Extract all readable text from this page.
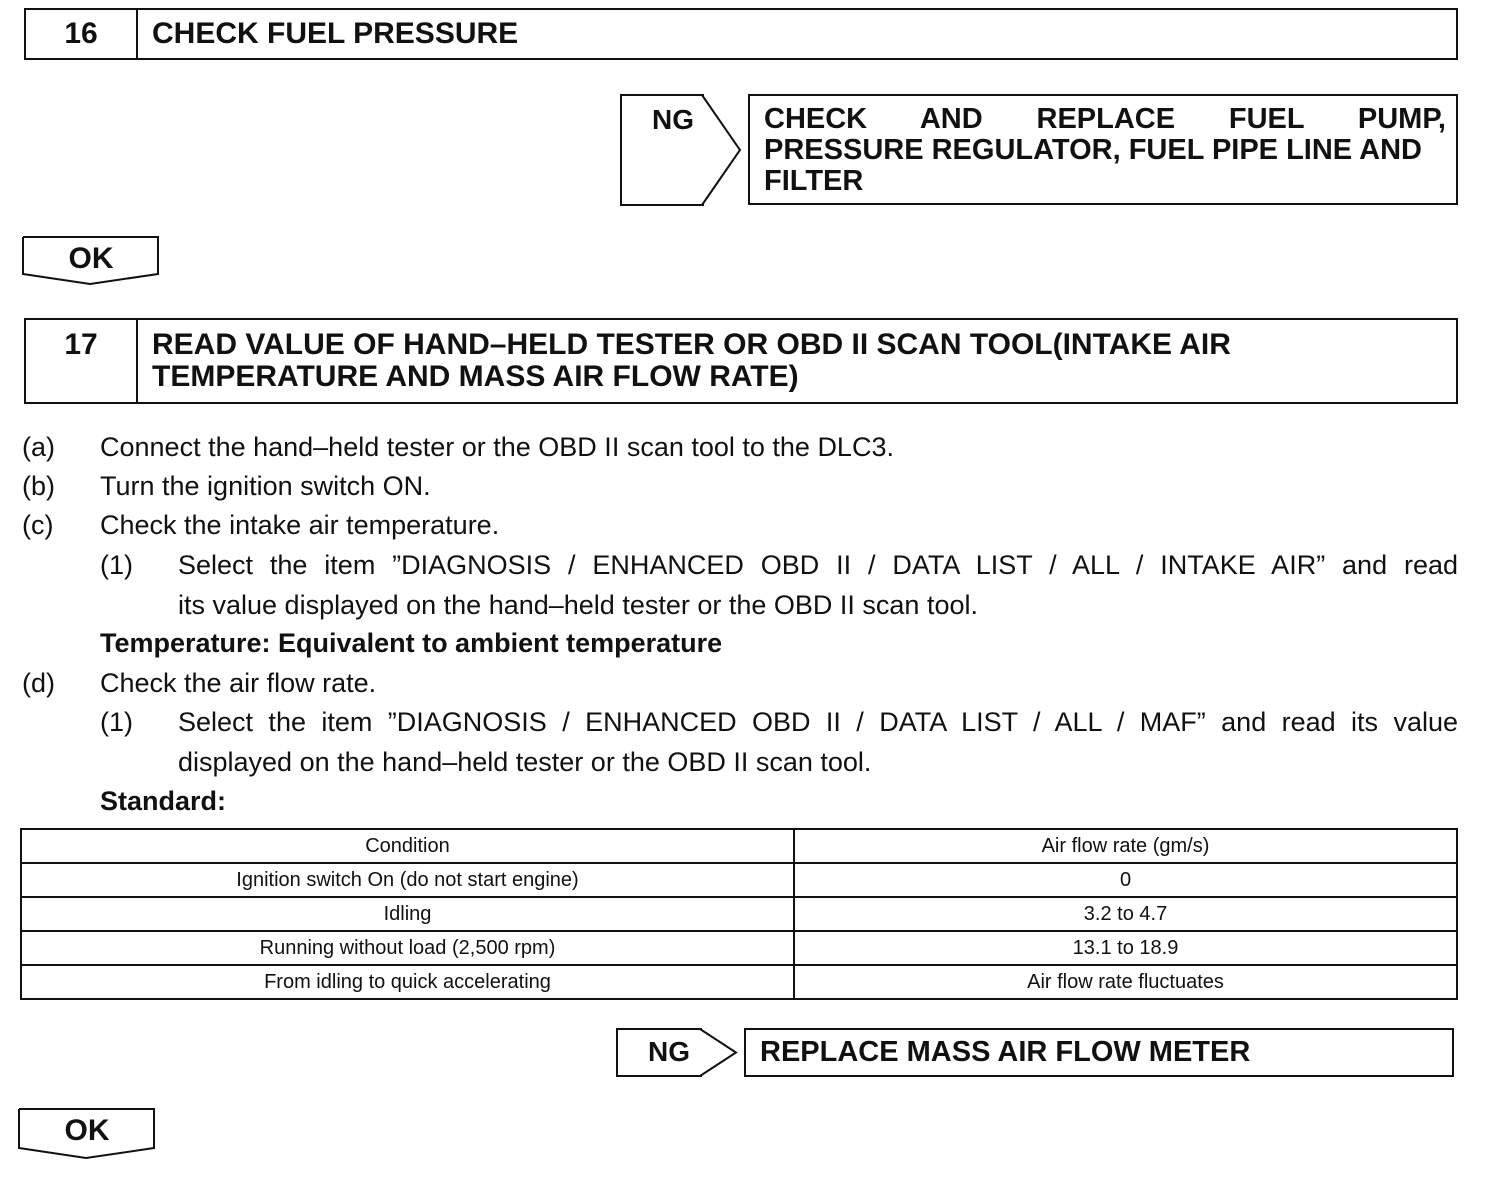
16	CHECK FUEL PRESSURE
NG CHECK AND REPLACE FUEL PUMP,
PRESSURE REGULATOR, FUEL PIPE LINE AND
FILTER
OK
17	READ VALUE OF HAND–HELD TESTER OR OBD II SCAN TOOL(INTAKE AIR
TEMPERATURE AND MASS AIR FLOW RATE)
(a) Connect the hand–held tester or the OBD II scan tool to the DLC3.
(b) Turn the ignition switch ON.
(c) Check the intake air temperature.
(1) Select the item ”DIAGNOSIS / ENHANCED OBD II / DATA LIST / ALL / INTAKE AIR” and read
its value displayed on the hand–held tester or the OBD II scan tool.
Temperature: Equivalent to ambient temperature
(d) Check the air flow rate.
(1) Select the item ”DIAGNOSIS / ENHANCED OBD II / DATA LIST / ALL / MAF” and read its value
displayed on the hand–held tester or the OBD II scan tool.
Standard:
Condition	Air flow rate (gm/s)
Ignition switch On (do not start engine)	0
Idling	3.2 to 4.7
Running without load (2,500 rpm)	13.1 to 18.9
From idling to quick accelerating	Air flow rate fluctuates
NG	REPLACE MASS AIR FLOW METER
OK
